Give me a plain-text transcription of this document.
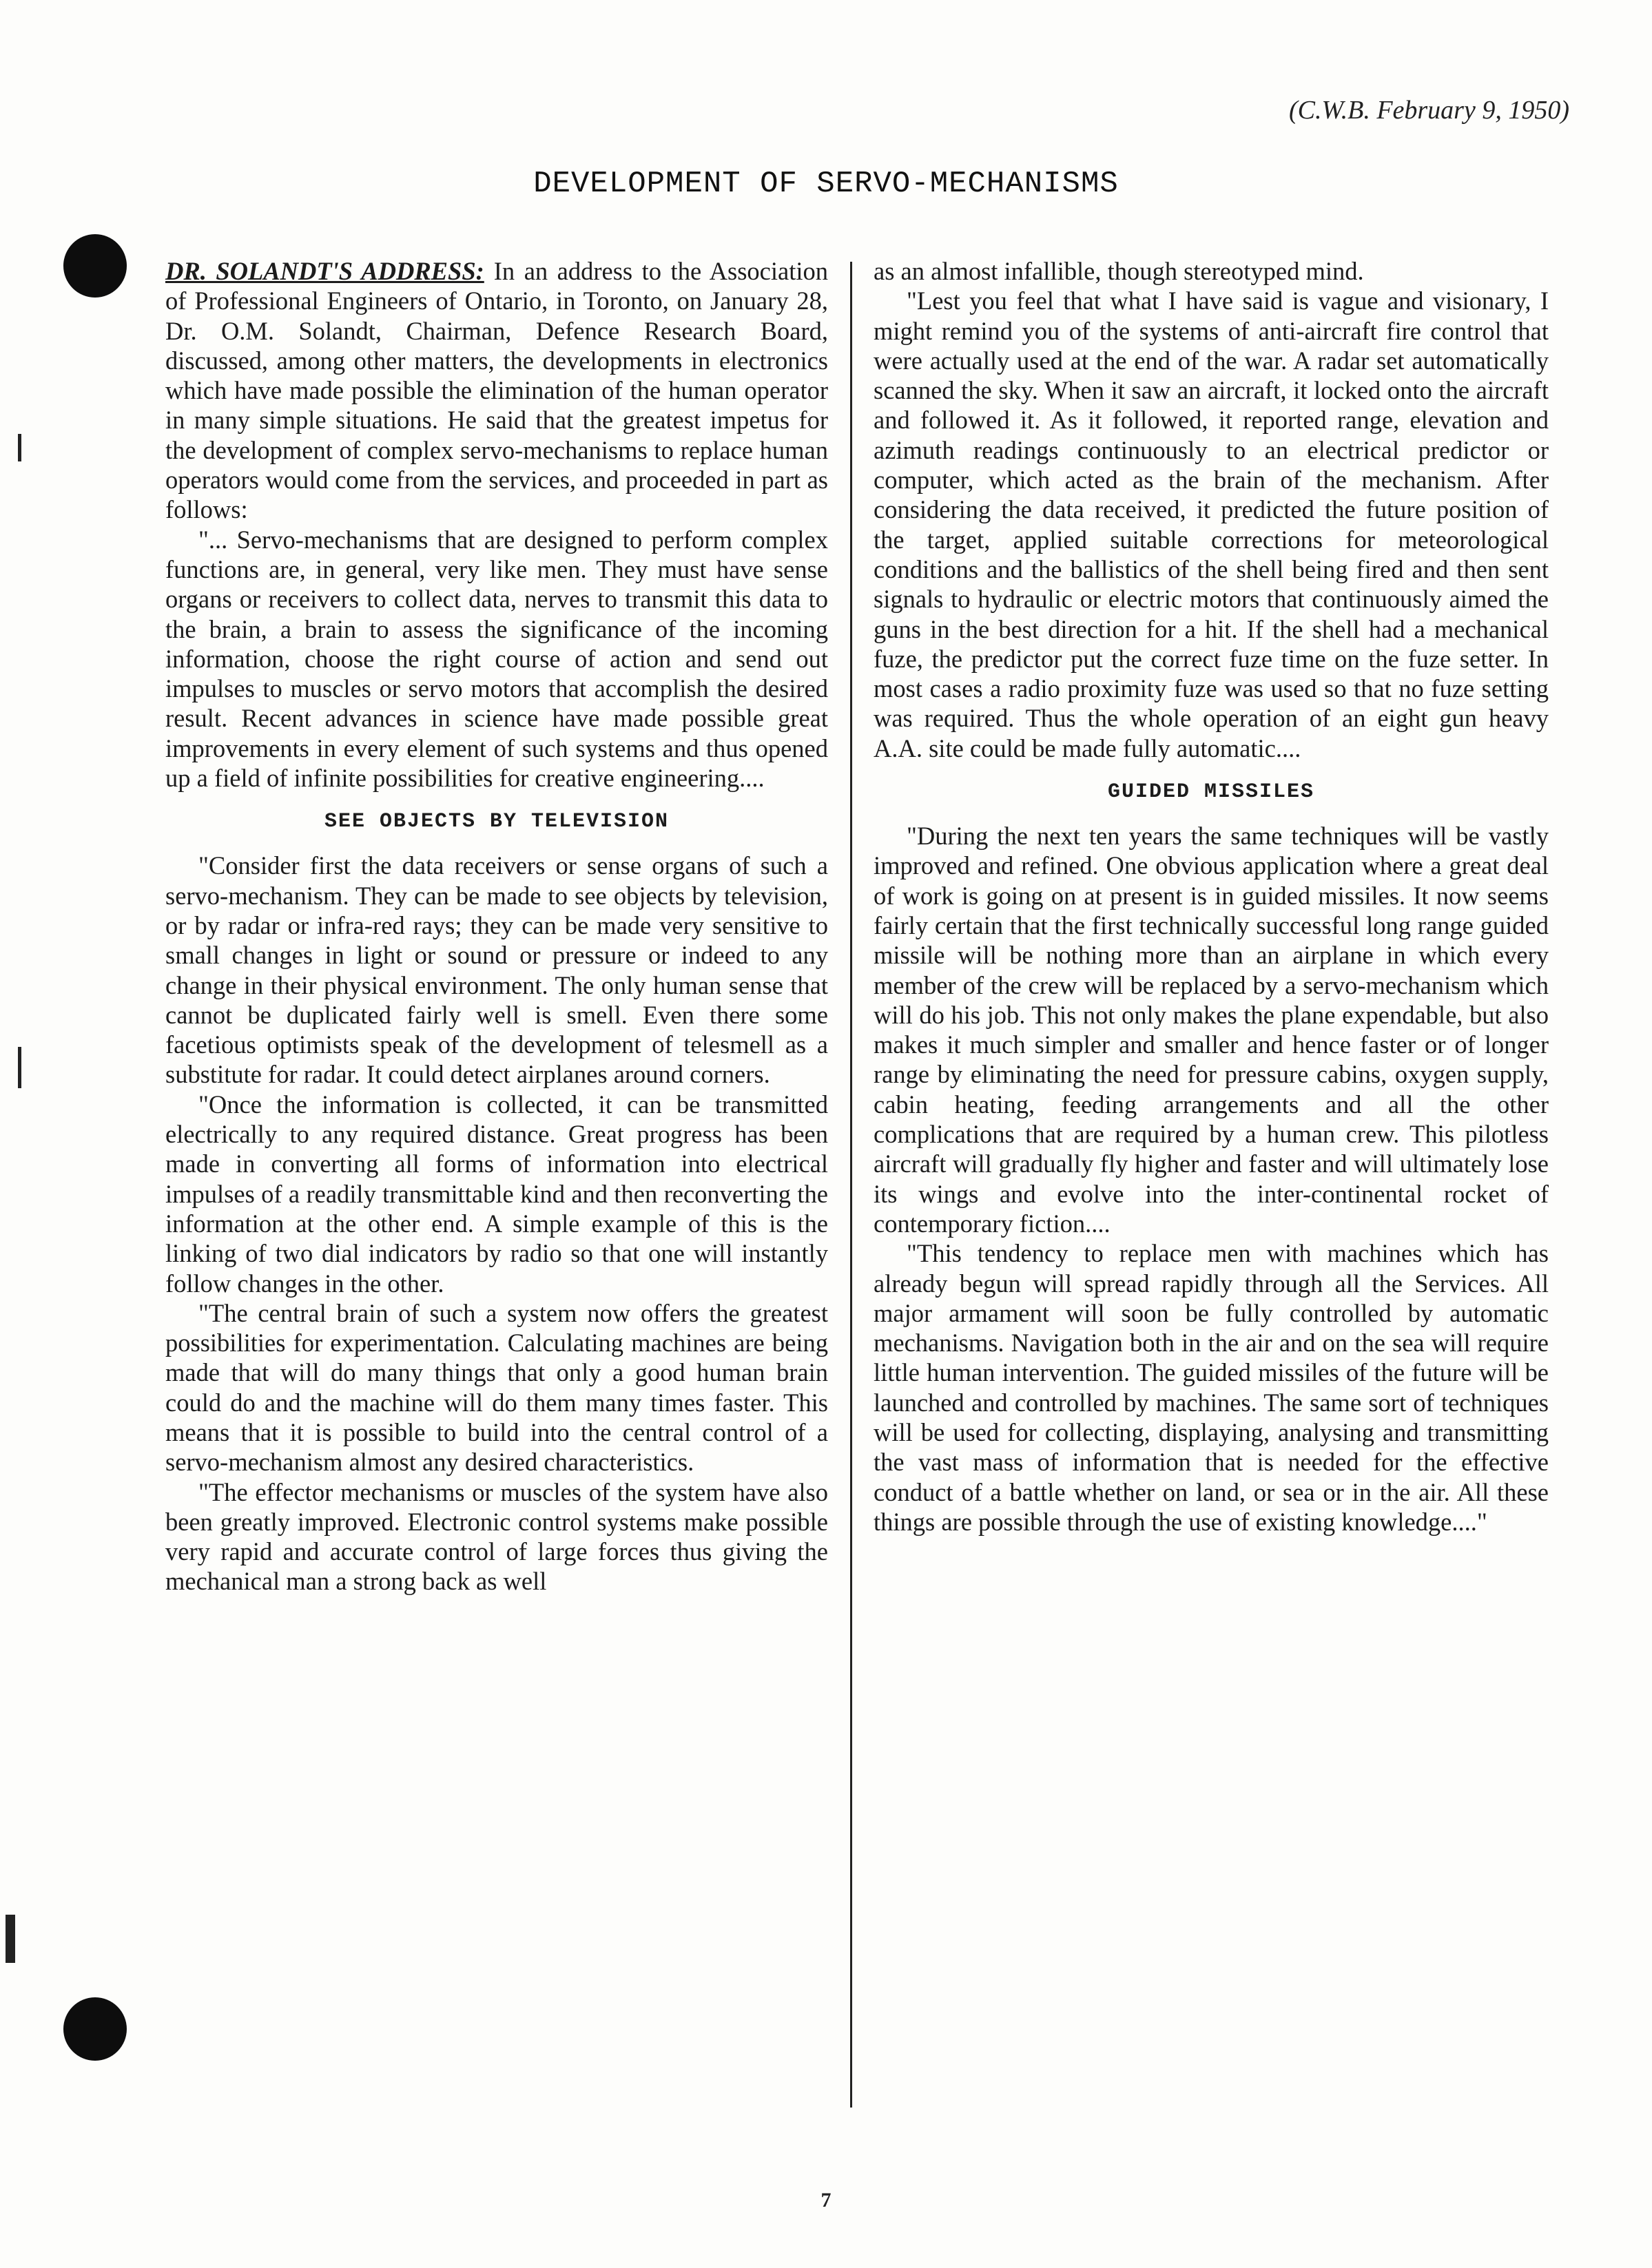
(C.W.B. February 9, 1950)
DEVELOPMENT OF SERVO-MECHANISMS

DR. SOLANDT'S ADDRESS: In an address to the Association of Professional Engineers of Ontario, in Toronto, on January 28, Dr. O.M. Solandt, Chairman, Defence Research Board, discussed, among other matters, the developments in electronics which have made possible the elimination of the human operator in many simple situations. He said that the greatest impetus for the development of complex servo-mechanisms to replace human operators would come from the services, and proceeded in part as follows:

"... Servo-mechanisms that are designed to perform complex functions are, in general, very like men. They must have sense organs or receivers to collect data, nerves to transmit this data to the brain, a brain to assess the significance of the incoming information, choose the right course of action and send out impulses to muscles or servo motors that accomplish the desired result. Recent advances in science have made possible great improvements in every element of such systems and thus opened up a field of infinite possibilities for creative engineering....

SEE OBJECTS BY TELEVISION

"Consider first the data receivers or sense organs of such a servo-mechanism. They can be made to see objects by television, or by radar or infra-red rays; they can be made very sensitive to small changes in light or sound or pressure or indeed to any change in their physical environment. The only human sense that cannot be duplicated fairly well is smell. Even there some facetious optimists speak of the development of telesmell as a substitute for radar. It could detect airplanes around corners.

"Once the information is collected, it can be transmitted electrically to any required distance. Great progress has been made in converting all forms of information into electrical impulses of a readily transmittable kind and then reconverting the information at the other end. A simple example of this is the linking of two dial indicators by radio so that one will instantly follow changes in the other.

"The central brain of such a system now offers the greatest possibilities for experimentation. Calculating machines are being made that will do many things that only a good human brain could do and the machine will do them many times faster. This means that it is possible to build into the central control of a servo-mechanism almost any desired characteristics.

"The effector mechanisms or muscles of the system have also been greatly improved. Electronic control systems make possible very rapid and accurate control of large forces thus giving the mechanical man a strong back as well

as an almost infallible, though stereotyped mind.

"Lest you feel that what I have said is vague and visionary, I might remind you of the systems of anti-aircraft fire control that were actually used at the end of the war. A radar set automatically scanned the sky. When it saw an aircraft, it locked onto the aircraft and followed it. As it followed, it reported range, elevation and azimuth readings continuously to an electrical predictor or computer, which acted as the brain of the mechanism. After considering the data received, it predicted the future position of the target, applied suitable corrections for meteorological conditions and the ballistics of the shell being fired and then sent signals to hydraulic or electric motors that continuously aimed the guns in the best direction for a hit. If the shell had a mechanical fuze, the predictor put the correct fuze time on the fuze setter. In most cases a radio proximity fuze was used so that no fuze setting was required. Thus the whole operation of an eight gun heavy A.A. site could be made fully automatic....

GUIDED MISSILES

"During the next ten years the same techniques will be vastly improved and refined. One obvious application where a great deal of work is going on at present is in guided missiles. It now seems fairly certain that the first technically successful long range guided missile will be nothing more than an airplane in which every member of the crew will be replaced by a servo-mechanism which will do his job. This not only makes the plane expendable, but also makes it much simpler and smaller and hence faster or of longer range by eliminating the need for pressure cabins, oxygen supply, cabin heating, feeding arrangements and all the other complications that are required by a human crew. This pilotless aircraft will gradually fly higher and faster and will ultimately lose its wings and evolve into the inter-continental rocket of contemporary fiction....

"This tendency to replace men with machines which has already begun will spread rapidly through all the Services. All major armament will soon be fully controlled by automatic mechanisms. Navigation both in the air and on the sea will require little human intervention. The guided missiles of the future will be launched and controlled by machines. The same sort of techniques will be used for collecting, displaying, analysing and transmitting the vast mass of information that is needed for the effective conduct of a battle whether on land, or sea or in the air. All these things are possible through the use of existing knowledge...."

7
